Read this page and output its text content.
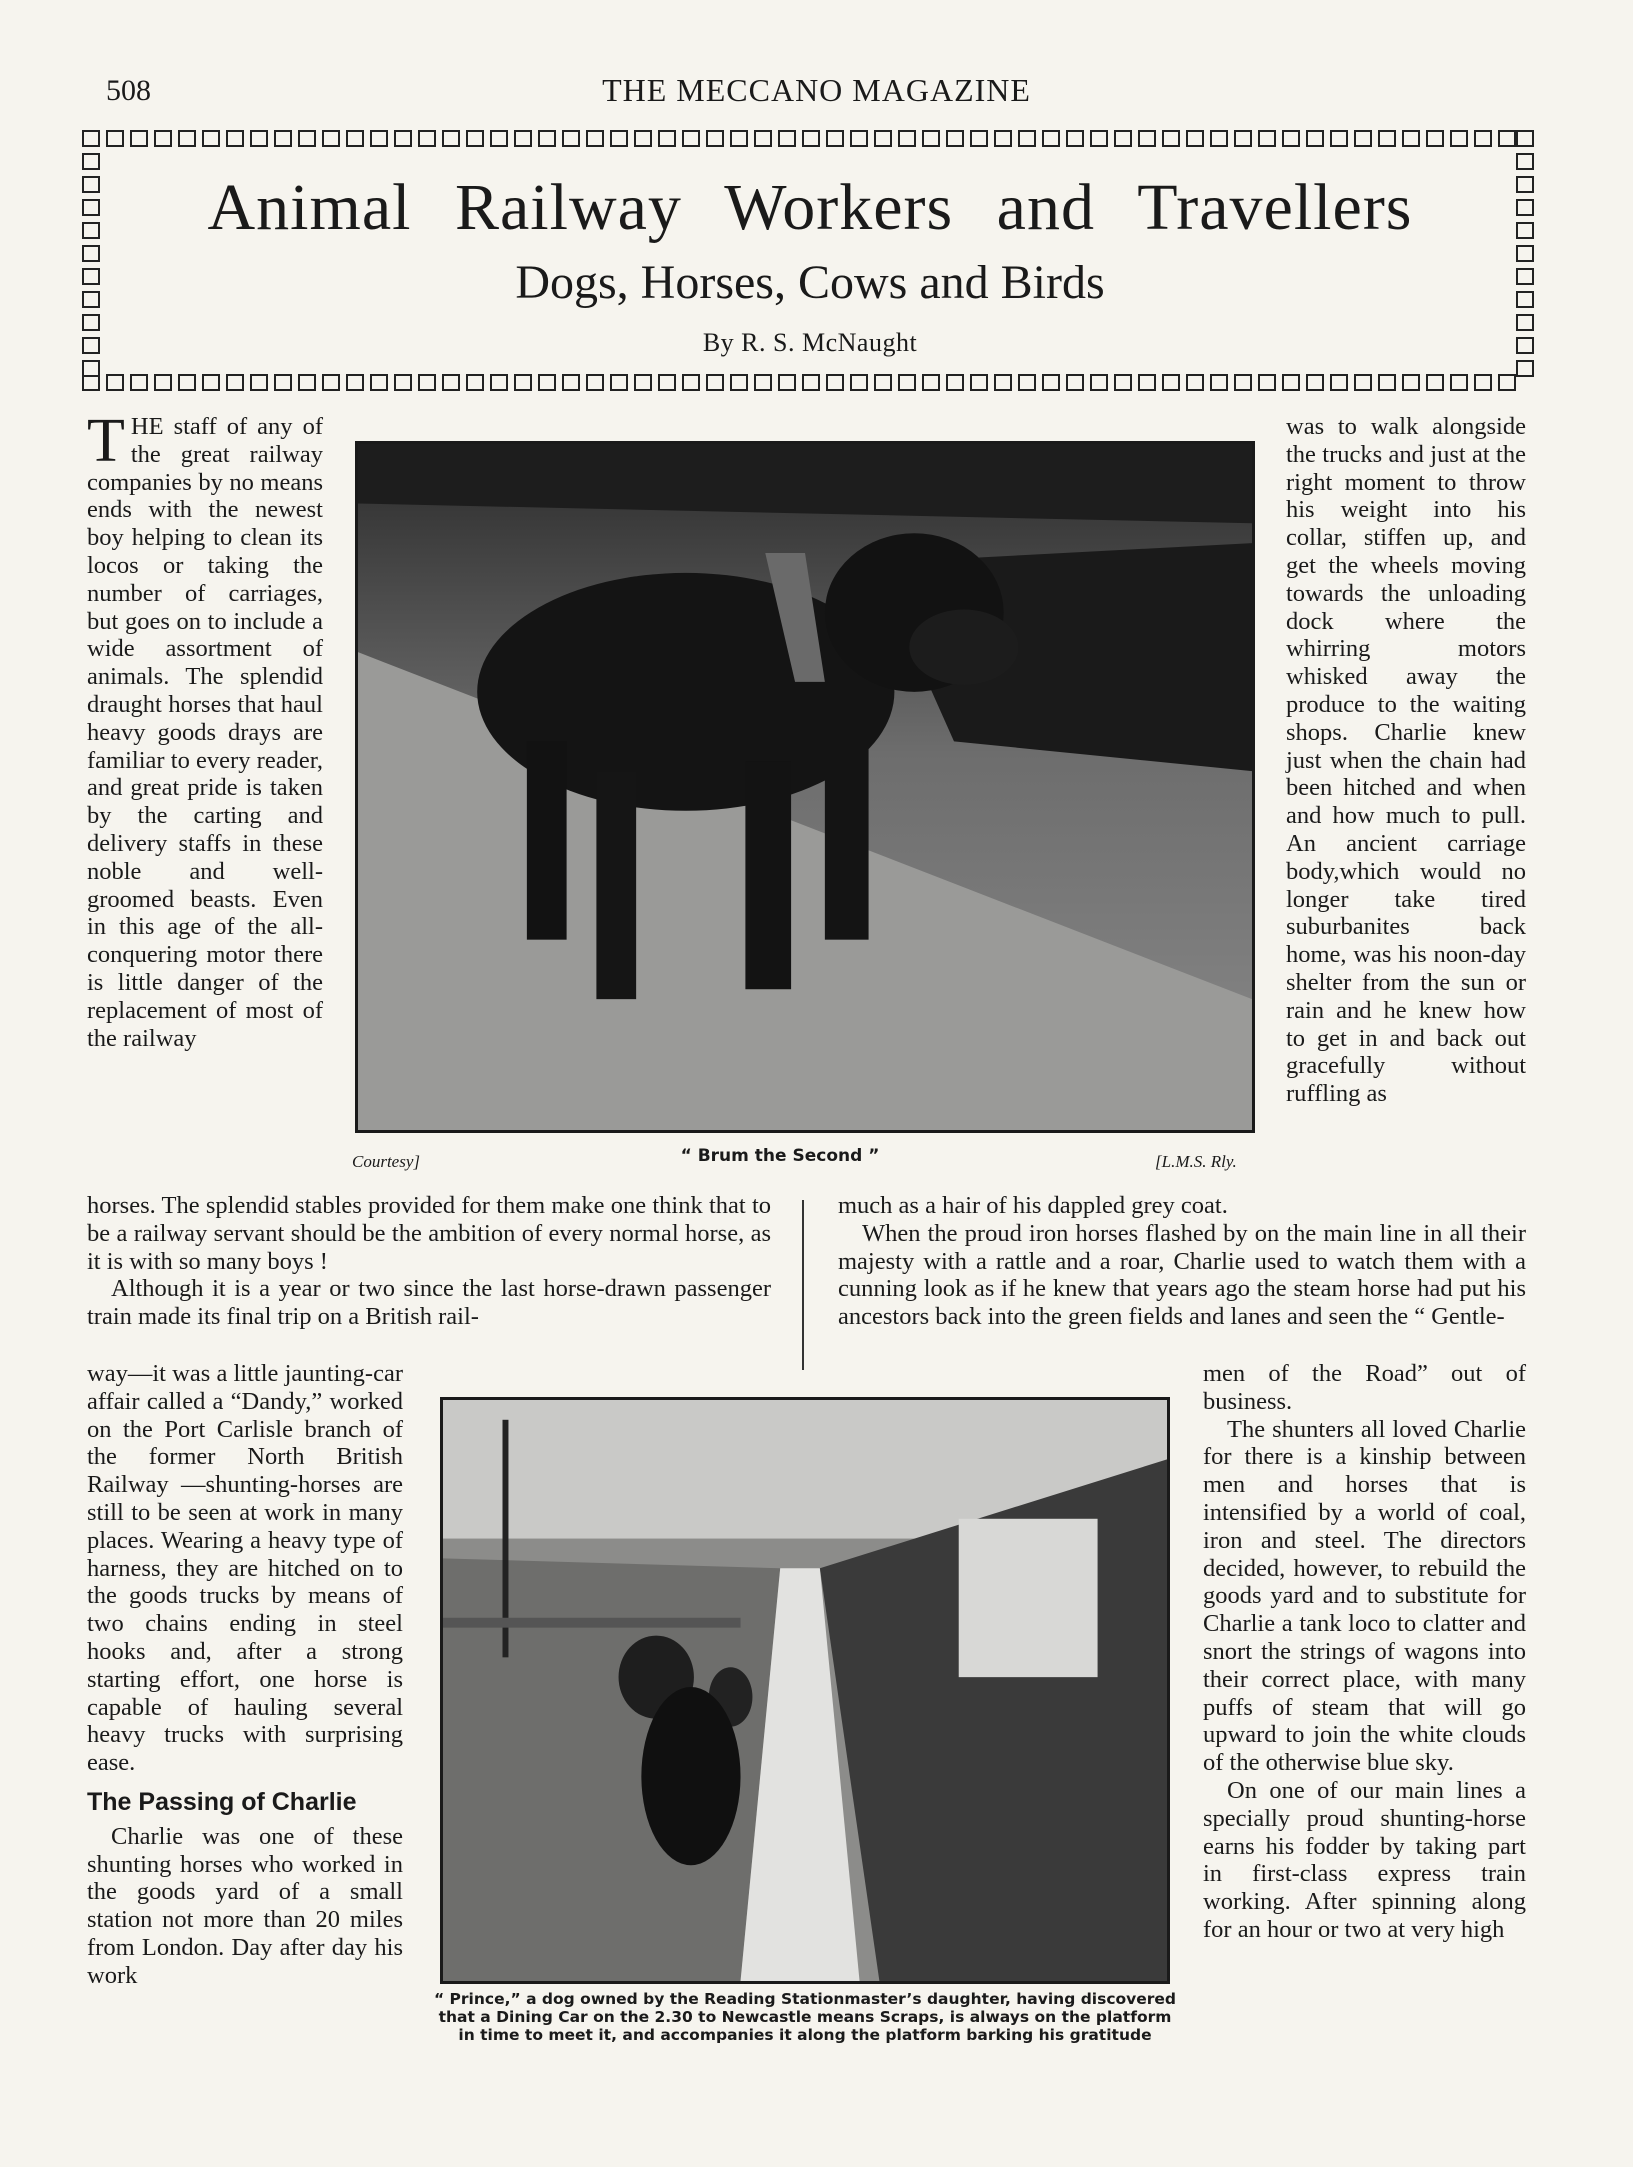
508	THE MECCANO MAGAZINE
Animal Railway Workers and Travellers
Dogs, Horses, Cows and Birds
By R. S. McNaught

THE staff of any of the great railway companies by no means ends with the newest boy helping to clean its locos or taking the number of carriages, but goes on to include a wide assortment of animals. The splendid draught horses that haul heavy goods drays are familiar to every reader, and great pride is taken by the carting and delivery staffs in these noble and well-groomed beasts. Even in this age of the all-conquering motor there is little danger of the replacement of most of the railway

Courtesy]	“ Brum the Second ”	[L.M.S. Rly.
was to walk alongside the trucks and just at the right moment to throw his weight into his collar, stiffen up, and get the wheels moving towards the unloading dock where the whirring motors whisked away the produce to the waiting shops. Charlie knew just when the chain had been hitched and when and how much to pull. An ancient carriage body,which would no longer take tired suburbanites back home, was his noon-day shelter from the sun or rain and he knew how to get in and back out gracefully without ruffling as

horses. The splendid stables provided for them make one think that to be a railway servant should be the ambition of every normal horse, as it is with so many boys !

Although it is a year or two since the last horse-drawn passenger train made its final trip on a British rail-

much as a hair of his dappled grey coat.

When the proud iron horses flashed by on the main line in all their majesty with a rattle and a roar, Charlie used to watch them with a cunning look as if he knew that years ago the steam horse had put his ancestors back into the green fields and lanes and seen the “ Gentle-

way—it was a little jaunting-car affair called a “Dandy,” worked on the Port Carlisle branch of the former North British Railway —shunting-horses are still to be seen at work in many places. Wearing a heavy type of harness, they are hitched on to the goods trucks by means of two chains ending in steel hooks and, after a strong starting effort, one horse is capable of hauling several heavy trucks with surprising ease.

The Passing of Charlie

Charlie was one of these shunting horses who worked in the goods yard of a small station not more than 20 miles from London. Day after day his work

“ Prince,” a dog owned by the Reading Stationmaster’s daughter, having discovered that a Dining Car on the 2.30 to Newcastle means Scraps, is always on the platform in time to meet it, and accompanies it along the platform barking his gratitude

men of the Road” out of business.

The shunters all loved Charlie for there is a kinship between men and horses that is intensified by a world of coal, iron and steel. The directors decided, however, to rebuild the goods yard and to substitute for Charlie a tank loco to clatter and snort the strings of wagons into their correct place, with many puffs of steam that will go upward to join the white clouds of the otherwise blue sky.

On one of our main lines a specially proud shunting-horse earns his fodder by taking part in first-class express train working. After spinning along for an hour or two at very high
